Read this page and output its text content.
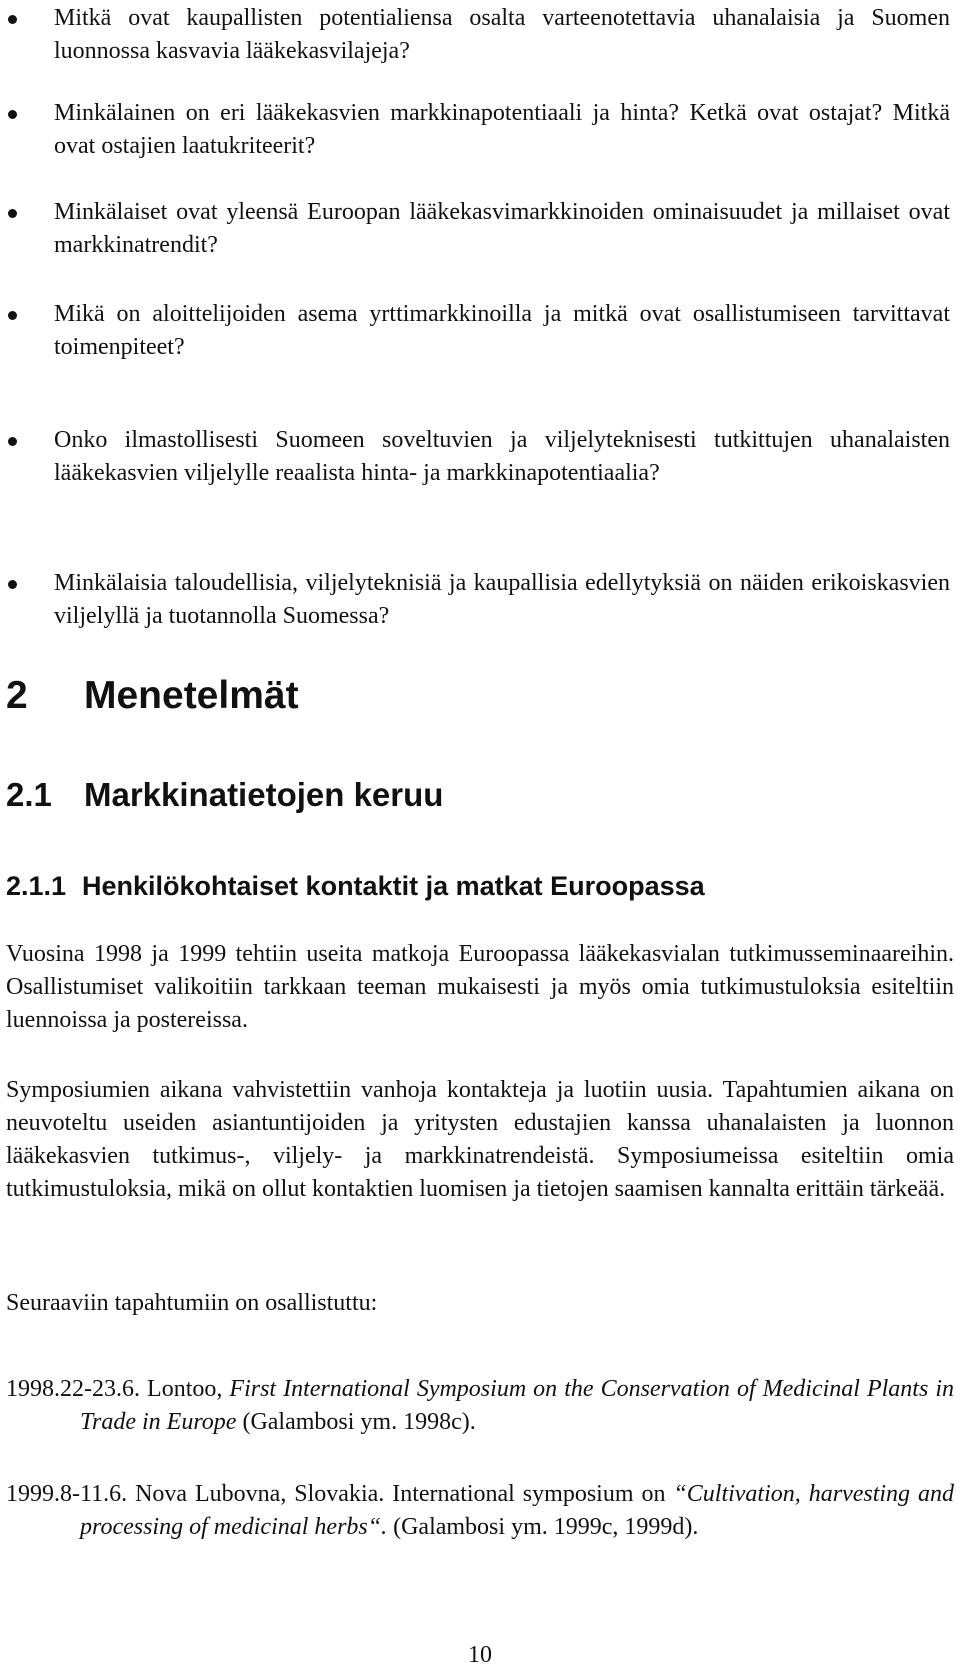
Mitkä ovat kaupallisten potentialiensa osalta varteenotettavia uhanalaisia ja Suomen luonnossa kasvavia lääkekasvilajeja?

Minkälainen on eri lääkekasvien markkinapotentiaali ja hinta? Ketkä ovat ostajat? Mitkä ovat ostajien laatukriteerit?

Minkälaiset ovat yleensä Euroopan lääkekasvimarkkinoiden ominaisuudet ja millaiset ovat markkinatrendit?

Mikä on aloittelijoiden asema yrttimarkkinoilla ja mitkä ovat osallistumiseen tarvittavat toimenpiteet?

Onko ilmastollisesti Suomeen soveltuvien ja viljelyteknisesti tutkittujen uhanalaisten lääkekasvien viljelylle reaalista hinta- ja markkinapotentiaalia?

Minkälaisia taloudellisia, viljelyteknisiä ja kaupallisia edellytyksiä on näiden erikoiskasvien viljelyllä ja tuotannolla Suomessa?

2 Menetelmät
2.1 Markkinatietojen keruu
2.1.1 Henkilökohtaiset kontaktit ja matkat Euroopassa

Vuosina 1998 ja 1999 tehtiin useita matkoja Euroopassa lääkekasvialan tutkimusseminaareihin. Osallistumiset valikoitiin tarkkaan teeman mukaisesti ja myös omia tutkimustuloksia esiteltiin luennoissa ja postereissa.

Symposiumien aikana vahvistettiin vanhoja kontakteja ja luotiin uusia. Tapahtumien aikana on neuvoteltu useiden asiantuntijoiden ja yritysten edustajien kanssa uhanalaisten ja luonnon lääkekasvien tutkimus-, viljely- ja markkinatrendeistä. Symposiumeissa esiteltiin omia tutkimustuloksia, mikä on ollut kontaktien luomisen ja tietojen saamisen kannalta erittäin tärkeää.

Seuraaviin tapahtumiin on osallistuttu:

1998.22-23.6. Lontoo, First International Symposium on the Conservation of Medicinal Plants in Trade in Europe (Galambosi ym. 1998c).

1999.8-11.6. Nova Lubovna, Slovakia. International symposium on “Cultivation, harvesting and processing of medicinal herbs“. (Galambosi ym. 1999c, 1999d).

10
